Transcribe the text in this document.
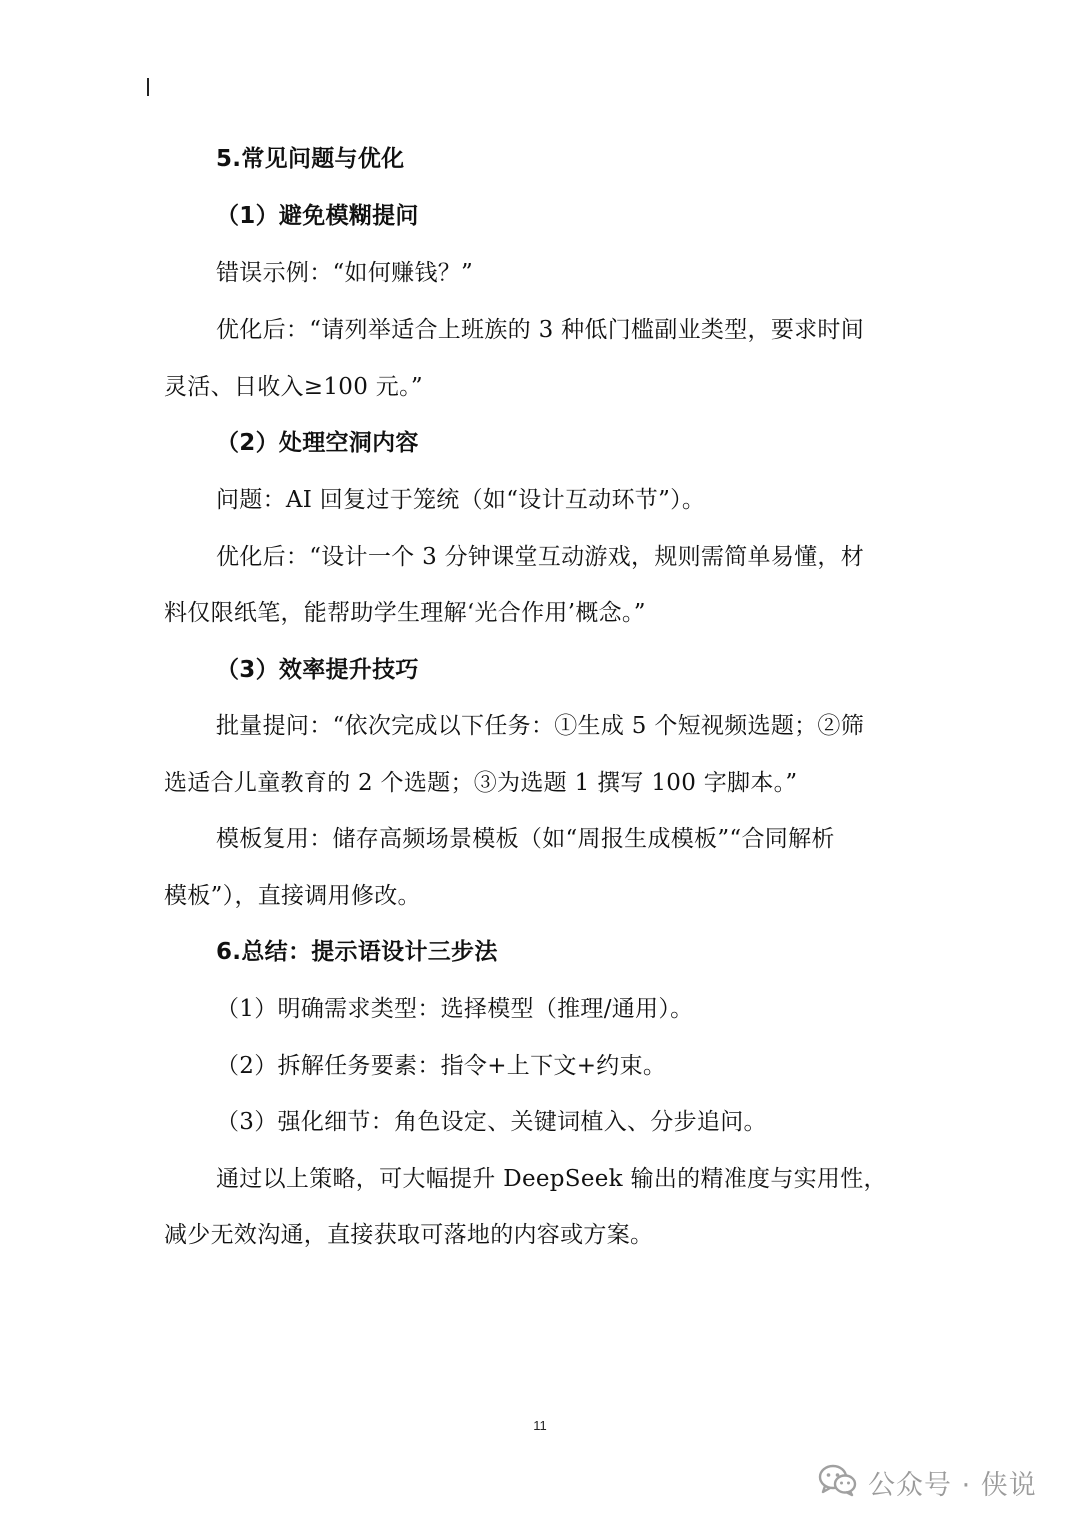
5.常见问题与优化
（1）避免模糊提问
错误示例：“如何赚钱？”
优化后：“请列举适合上班族的 3 种低门槛副业类型，要求时间
灵活、日收入≥100 元。”
（2）处理空洞内容
问题：AI 回复过于笼统（如“设计互动环节”）。
优化后：“设计一个 3 分钟课堂互动游戏，规则需简单易懂，材
料仅限纸笔，能帮助学生理解‘光合作用’概念。”
（3）效率提升技巧
批量提问：“依次完成以下任务：①生成 5 个短视频选题；②筛
选适合儿童教育的 2 个选题；③为选题 1 撰写 100 字脚本。”
模板复用：储存高频场景模板（如“周报生成模板”“合同解析
模板”），直接调用修改。
6.总结：提示语设计三步法
（1）明确需求类型：选择模型（推理/通用）。
（2）拆解任务要素：指令+上下文+约束。
（3）强化细节：角色设定、关键词植入、分步追问。
通过以上策略，可大幅提升 DeepSeek 输出的精准度与实用性，
减少无效沟通，直接获取可落地的内容或方案。
11
公众号 · 侠说
